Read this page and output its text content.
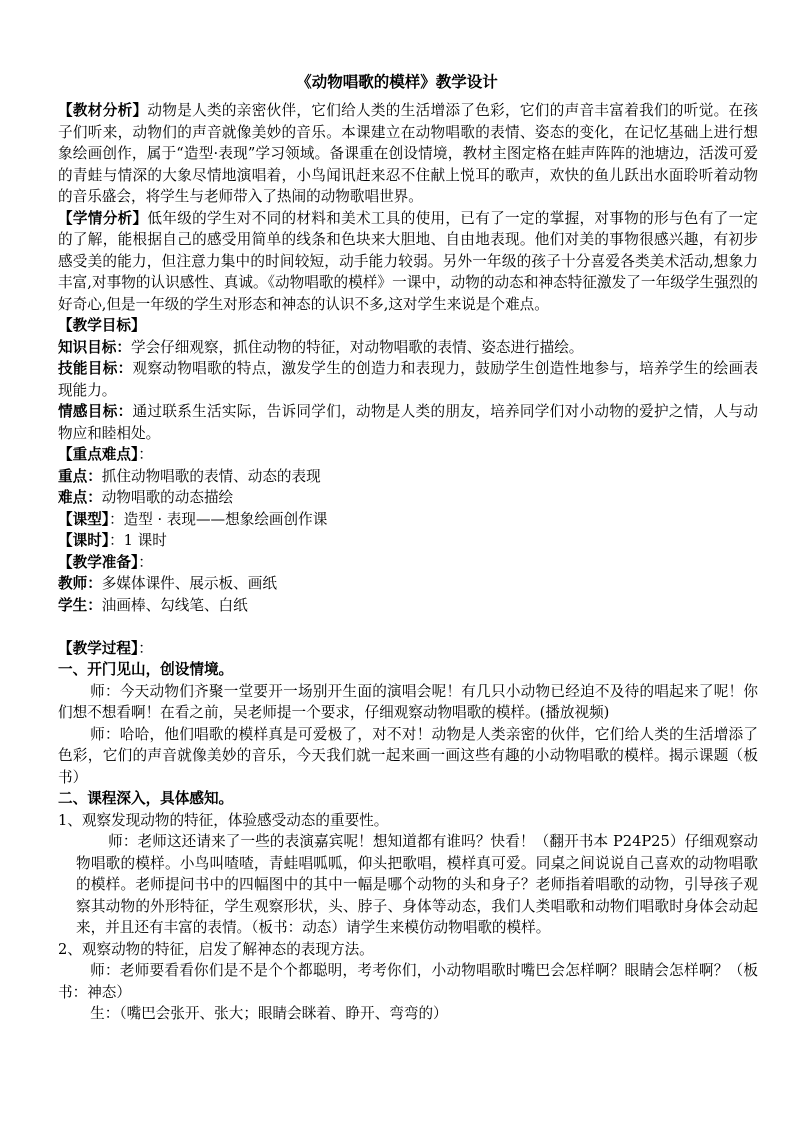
《动物唱歌的模样》教学设计

【教材分析】动物是人类的亲密伙伴，它们给人类的生活增添了色彩，它们的声音丰富着我们的听觉。在孩子们听来，动物们的声音就像美妙的音乐。本课建立在动物唱歌的表情、姿态的变化，在记忆基础上进行想象绘画创作，属于“造型·表现”学习领域。备课重在创设情境，教材主图定格在蛙声阵阵的池塘边，活泼可爱的青蛙与情深的大象尽情地演唱着，小鸟闻讯赶来忍不住献上悦耳的歌声，欢快的鱼儿跃出水面聆听着动物的音乐盛会，将学生与老师带入了热闹的动物歌唱世界。

【学情分析】低年级的学生对不同的材料和美术工具的使用，已有了一定的掌握，对事物的形与色有了一定的了解，能根据自己的感受用简单的线条和色块来大胆地、自由地表现。他们对美的事物很感兴趣，有初步感受美的能力，但注意力集中的时间较短，动手能力较弱。另外一年级的孩子十分喜爱各类美术活动,想象力丰富,对事物的认识感性、真诚。《动物唱歌的模样》一课中，动物的动态和神态特征激发了一年级学生强烈的好奇心,但是一年级的学生对形态和神态的认识不多,这对学生来说是个难点。

【教学目标】

知识目标：学会仔细观察，抓住动物的特征，对动物唱歌的表情、姿态进行描绘。

技能目标：观察动物唱歌的特点，激发学生的创造力和表现力，鼓励学生创造性地参与，培养学生的绘画表现能力。

情感目标：通过联系生活实际，告诉同学们，动物是人类的朋友，培养同学们对小动物的爱护之情，人与动物应和睦相处。

【重点难点】：

重点：抓住动物唱歌的表情、动态的表现

难点：动物唱歌的动态描绘

【课型】：造型 · 表现——想象绘画创作课

【课时】：1 课时

【教学准备】：

教师：多媒体课件、展示板、画纸

学生：油画棒、勾线笔、白纸

【教学过程】：

一、开门见山，创设情境。

师：今天动物们齐聚一堂要开一场别开生面的演唱会呢！有几只小动物已经迫不及待的唱起来了呢！你们想不想看啊！在看之前，吴老师提一个要求，仔细观察动物唱歌的模样。(播放视频)

师：哈哈，他们唱歌的模样真是可爱极了，对不对！动物是人类亲密的伙伴，它们给人类的生活增添了色彩，它们的声音就像美妙的音乐，今天我们就一起来画一画这些有趣的小动物唱歌的模样。揭示课题（板书）

二、课程深入，具体感知。

1、观察发现动物的特征，体验感受动态的重要性。

师：老师这还请来了一些的表演嘉宾呢！想知道都有谁吗？快看！（翻开书本 P24P25）仔细观察动物唱歌的模样。小鸟叫喳喳，青蛙唱呱呱，仰头把歌唱，模样真可爱。同桌之间说说自己喜欢的动物唱歌的模样。老师提问书中的四幅图中的其中一幅是哪个动物的头和身子？老师指着唱歌的动物，引导孩子观察其动物的外形特征，学生观察形状，头、脖子、身体等动态，我们人类唱歌和动物们唱歌时身体会动起来，并且还有丰富的表情。（板书：动态）请学生来模仿动物唱歌的模样。

2、观察动物的特征，启发了解神态的表现方法。

师：老师要看看你们是不是个个都聪明，考考你们，小动物唱歌时嘴巴会怎样啊？眼睛会怎样啊？（板书：神态）

生：（嘴巴会张开、张大；眼睛会眯着、睁开、弯弯的）
